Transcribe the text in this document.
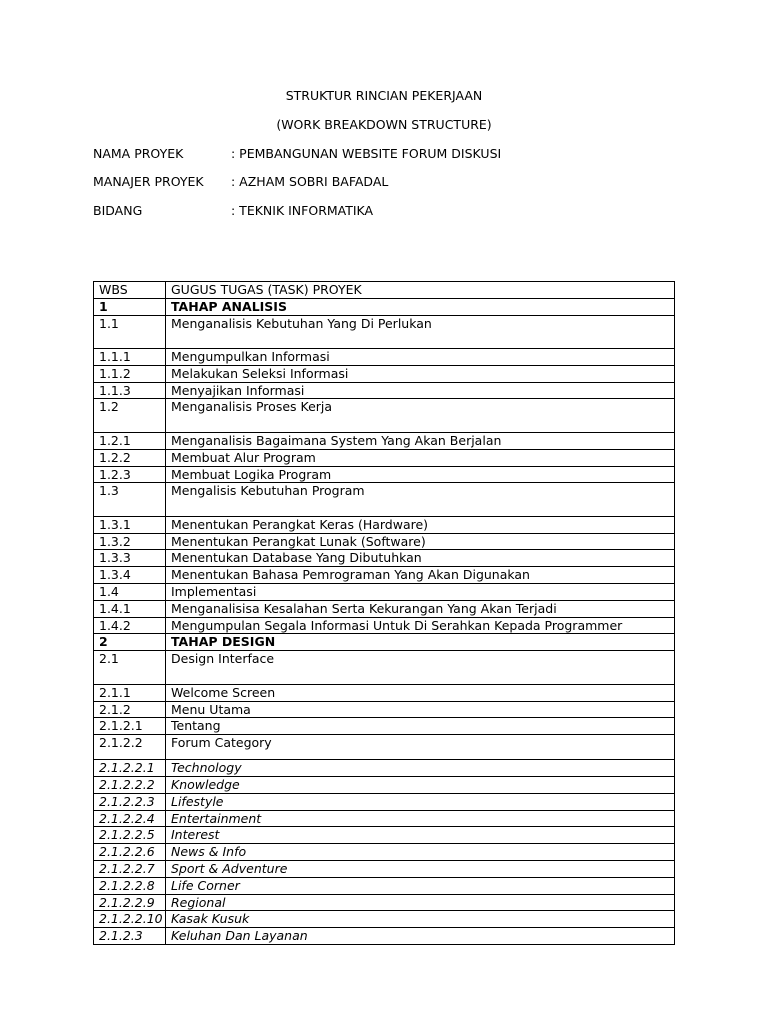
STRUKTUR RINCIAN PEKERJAAN
(WORK BREAKDOWN STRUCTURE)
NAMA PROYEK	: PEMBANGUNAN WEBSITE FORUM DISKUSI
MANAJER PROYEK : AZHAM SOBRI BAFADAL
BIDANG	: TEKNIK INFORMATIKA
WBS	GUGUS TUGAS (TASK) PROYEK
1	TAHAP ANALISIS
1.1	Menganalisis Kebutuhan Yang Di Perlukan
1.1.1	Mengumpulkan Informasi
1.1.2	Melakukan Seleksi Informasi
1.1.3	Menyajikan Informasi
1.2	Menganalisis Proses Kerja
1.2.1	Menganalisis Bagaimana System Yang Akan Berjalan
1.2.2	Membuat Alur Program
1.2.3	Membuat Logika Program
1.3	Mengalisis Kebutuhan Program
1.3.1	Menentukan Perangkat Keras (Hardware)
1.3.2	Menentukan Perangkat Lunak (Software)
1.3.3	Menentukan Database Yang Dibutuhkan
1.3.4	Menentukan Bahasa Pemrograman Yang Akan Digunakan
1.4	Implementasi
1.4.1	Menganalisisa Kesalahan Serta Kekurangan Yang Akan Terjadi
1.4.2	Mengumpulan Segala Informasi Untuk Di Serahkan Kepada Programmer
2	TAHAP DESIGN
2.1	Design Interface
2.1.1	Welcome Screen
2.1.2	Menu Utama
2.1.2.1	Tentang
2.1.2.2	Forum Category
2.1.2.2.1	Technology
2.1.2.2.2	Knowledge
2.1.2.2.3	Lifestyle
2.1.2.2.4	Entertainment
2.1.2.2.5	Interest
2.1.2.2.6	News & Info
2.1.2.2.7	Sport & Adventure
2.1.2.2.8	Life Corner
2.1.2.2.9	Regional
2.1.2.2.10	Kasak Kusuk
2.1.2.3	Keluhan Dan Layanan
